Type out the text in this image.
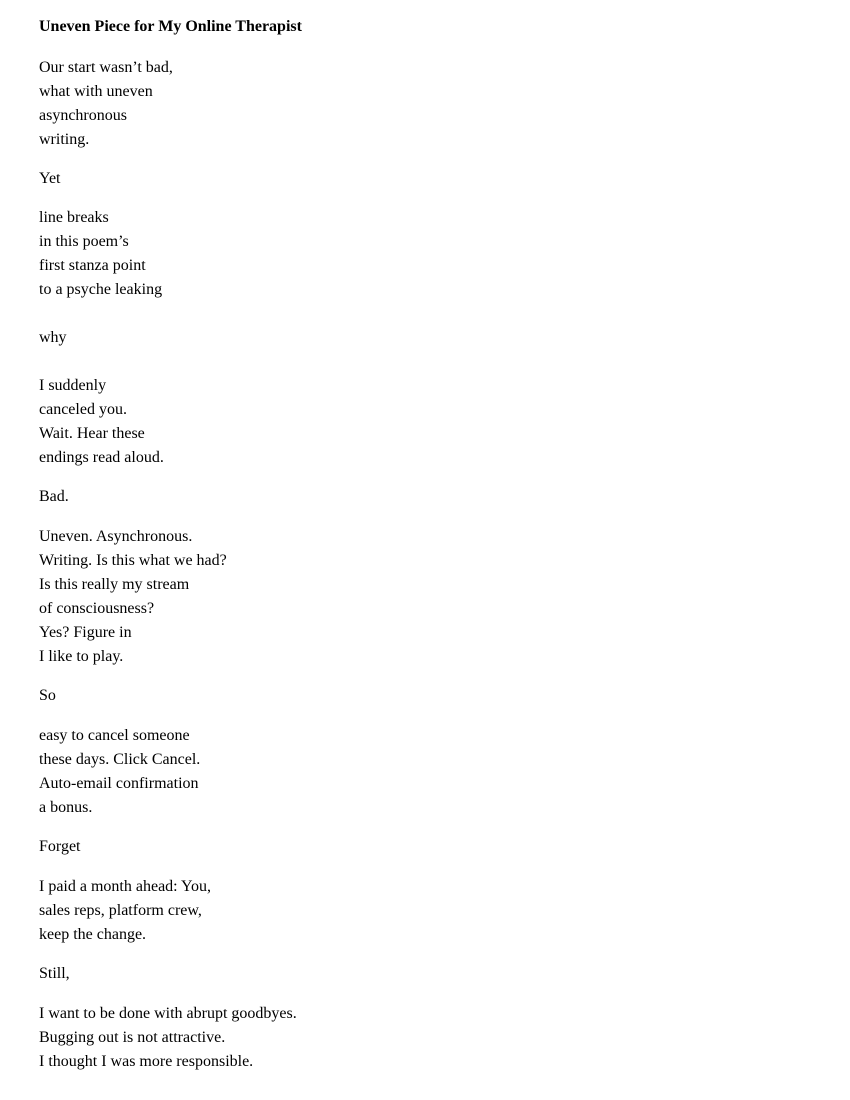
Uneven Piece for My Online Therapist
Our start wasn’t bad,
what with uneven
asynchronous
writing.
Yet
line breaks
in this poem’s
first stanza point
to a psyche leaking
why
I suddenly
canceled you.
Wait. Hear these
endings read aloud.
Bad.
Uneven. Asynchronous.
Writing. Is this what we had?
Is this really my stream
of consciousness?
Yes? Figure in
I like to play.
So
easy to cancel someone
these days. Click Cancel.
Auto-email confirmation
a bonus.
Forget
I paid a month ahead: You,
sales reps, platform crew,
keep the change.
Still,
I want to be done with abrupt goodbyes.
Bugging out is not attractive.
I thought I was more responsible.
